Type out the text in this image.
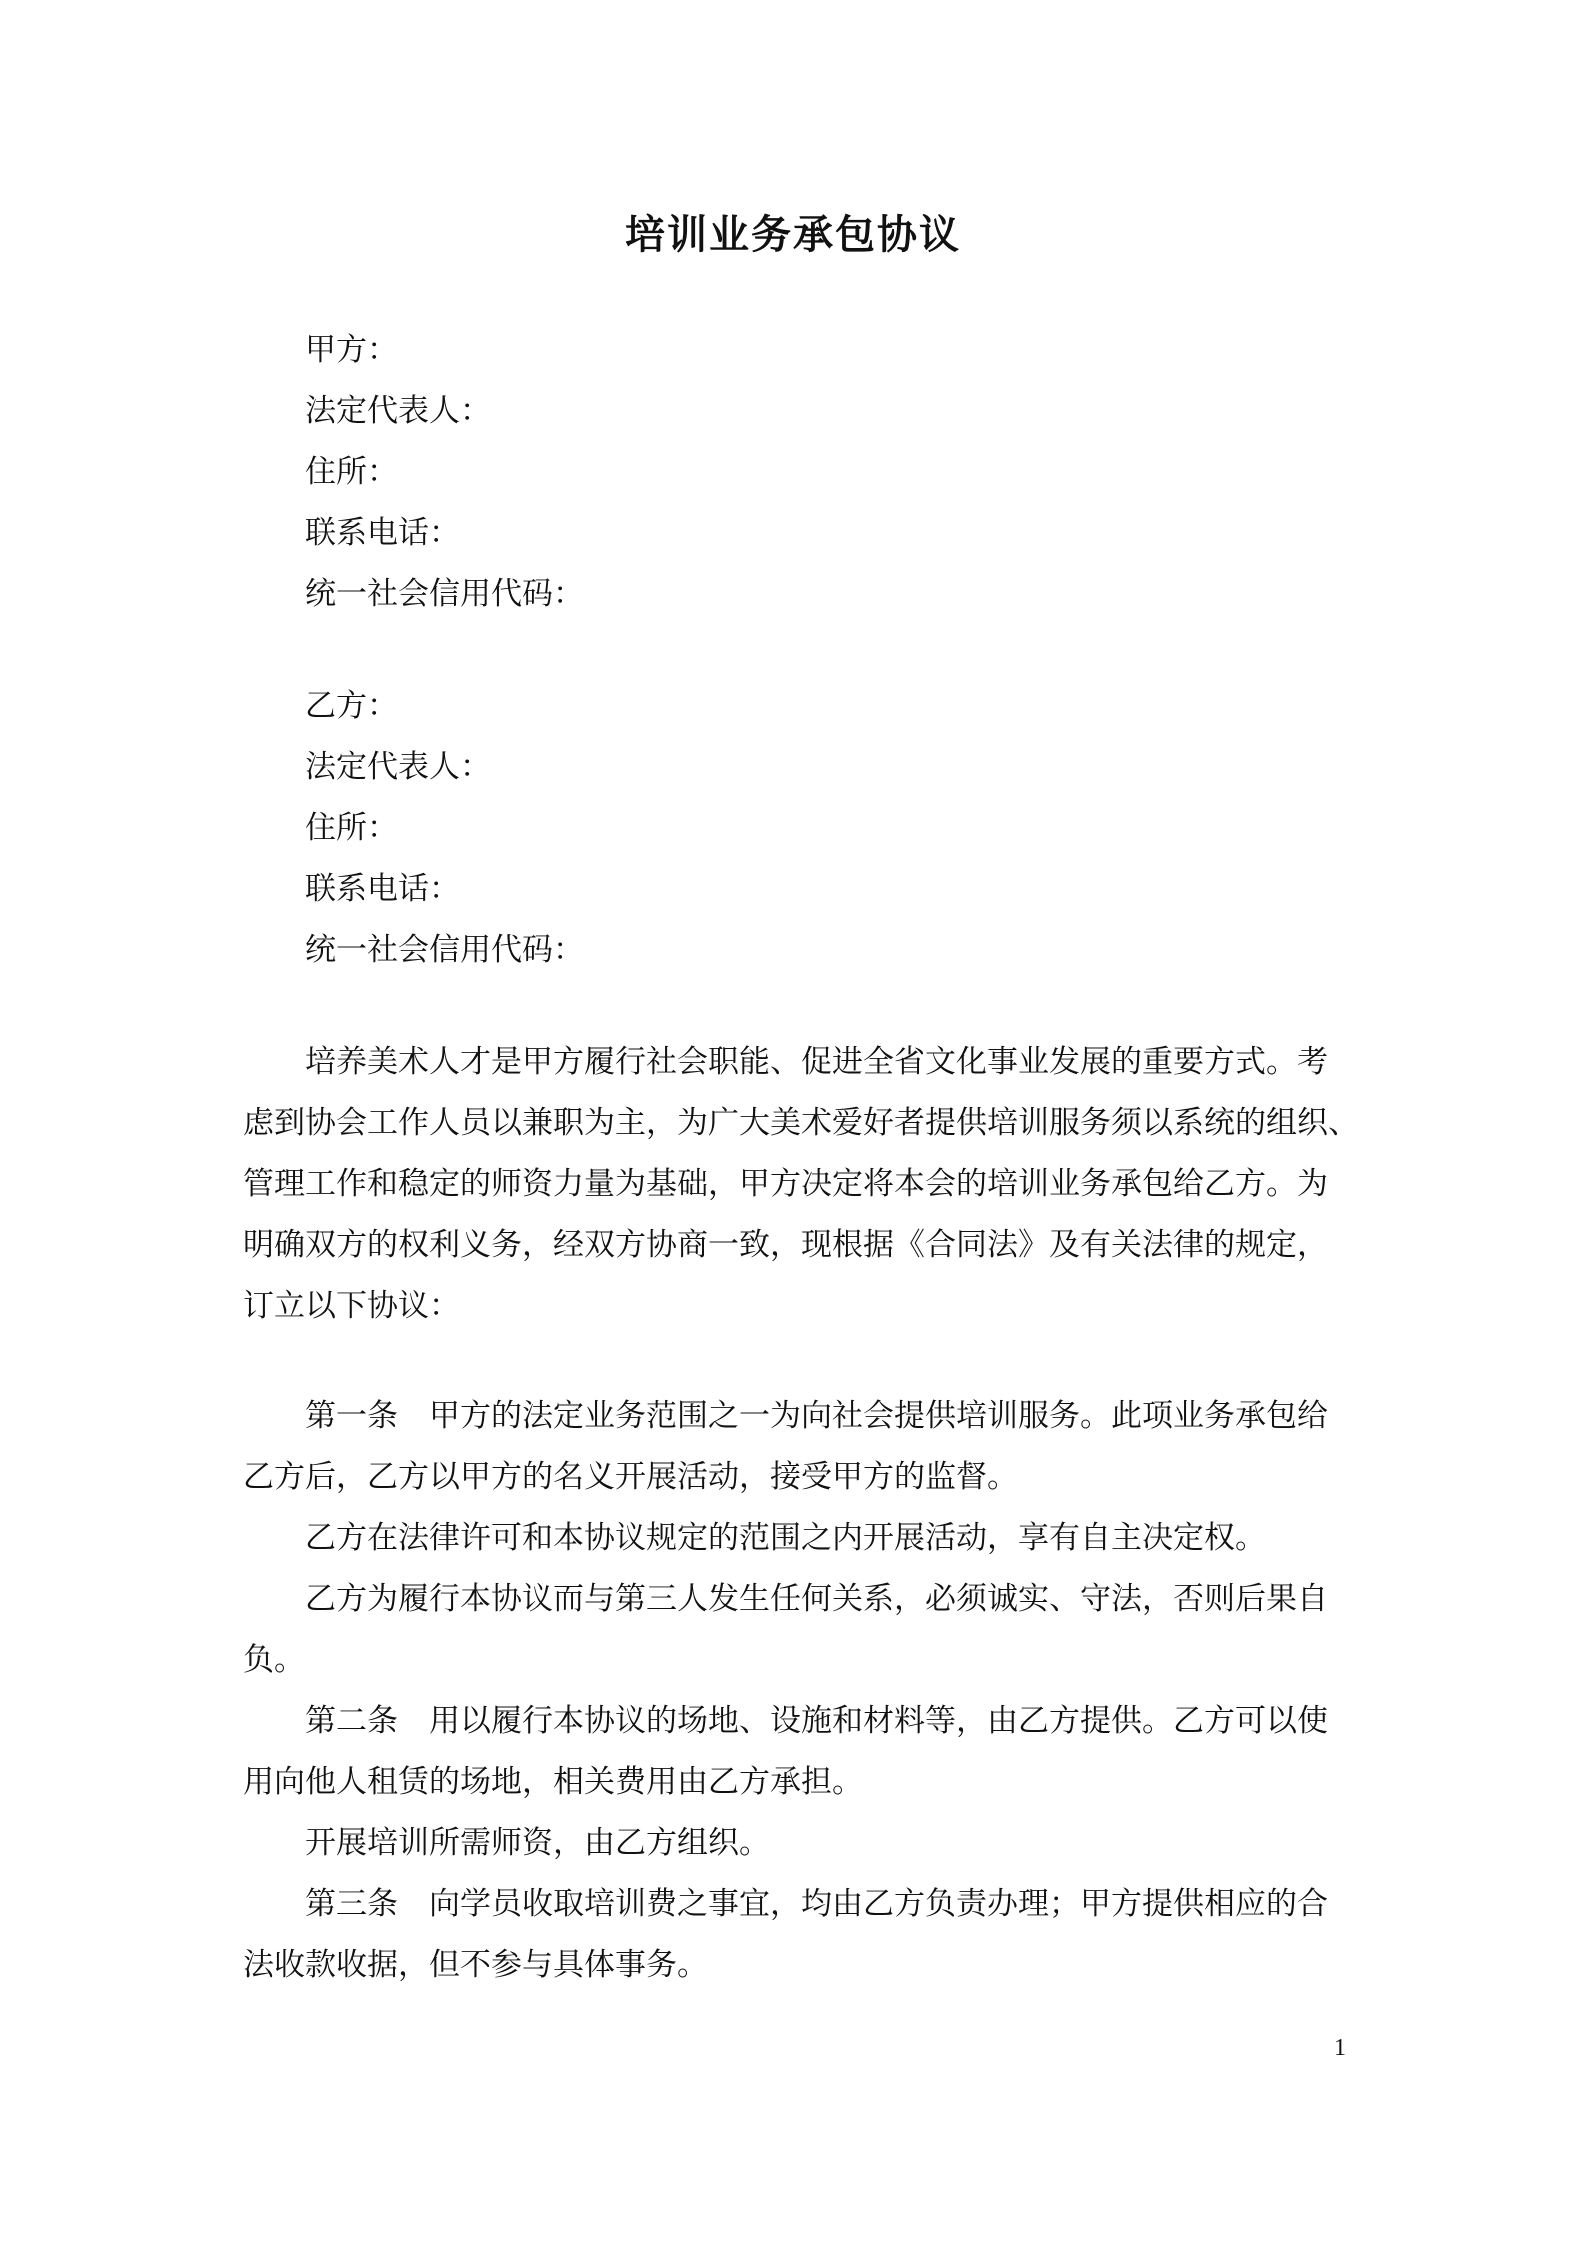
培训业务承包协议
甲方：
法定代表人：
住所：
联系电话：
统一社会信用代码：
乙方：
法定代表人：
住所：
联系电话：
统一社会信用代码：
培养美术人才是甲方履行社会职能、促进全省文化事业发展的重要方式。考
虑到协会工作人员以兼职为主，为广大美术爱好者提供培训服务须以系统的组织、
管理工作和稳定的师资力量为基础，甲方决定将本会的培训业务承包给乙方。为
明确双方的权利义务，经双方协商一致，现根据《合同法》及有关法律的规定，
订立以下协议：
第一条　甲方的法定业务范围之一为向社会提供培训服务。此项业务承包给
乙方后，乙方以甲方的名义开展活动，接受甲方的监督。
乙方在法律许可和本协议规定的范围之内开展活动，享有自主决定权。
乙方为履行本协议而与第三人发生任何关系，必须诚实、守法，否则后果自
负。
第二条　用以履行本协议的场地、设施和材料等，由乙方提供。乙方可以使
用向他人租赁的场地，相关费用由乙方承担。
开展培训所需师资，由乙方组织。
第三条　向学员收取培训费之事宜，均由乙方负责办理；甲方提供相应的合
法收款收据，但不参与具体事务。
1
